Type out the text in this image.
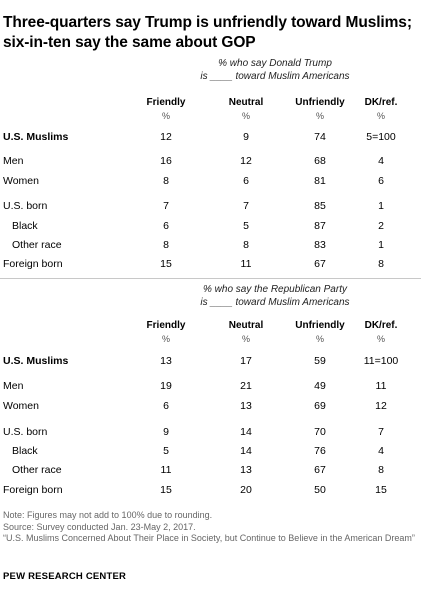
Three-quarters say Trump is unfriendly toward Muslims; six-in-ten say the same about GOP
% who say Donald Trump
is ____ toward Muslim Americans
Friendly	Neutral	Unfriendly	DK/ref.
%	%	%	%
U.S. Muslims	12	9	74	5=100
Men	16	12	68	4
Women	8	6	81	6
U.S. born	7	7	85	1
Black	6	5	87	2
Other race	8	8	83	1
Foreign born	15	11	67	8
% who say the Republican Party
is ____ toward Muslim Americans
Friendly	Neutral	Unfriendly	DK/ref.
%	%	%	%
U.S. Muslims	13	17	59	11=100
Men	19	21	49	11
Women	6	13	69	12
U.S. born	9	14	70	7
Black	5	14	76	4
Other race	11	13	67	8
Foreign born	15	20	50	15
Note: Figures may not add to 100% due to rounding.
Source: Survey conducted Jan. 23-May 2, 2017.
“U.S. Muslims Concerned About Their Place in Society, but Continue to Believe in the American Dream”
PEW RESEARCH CENTER
